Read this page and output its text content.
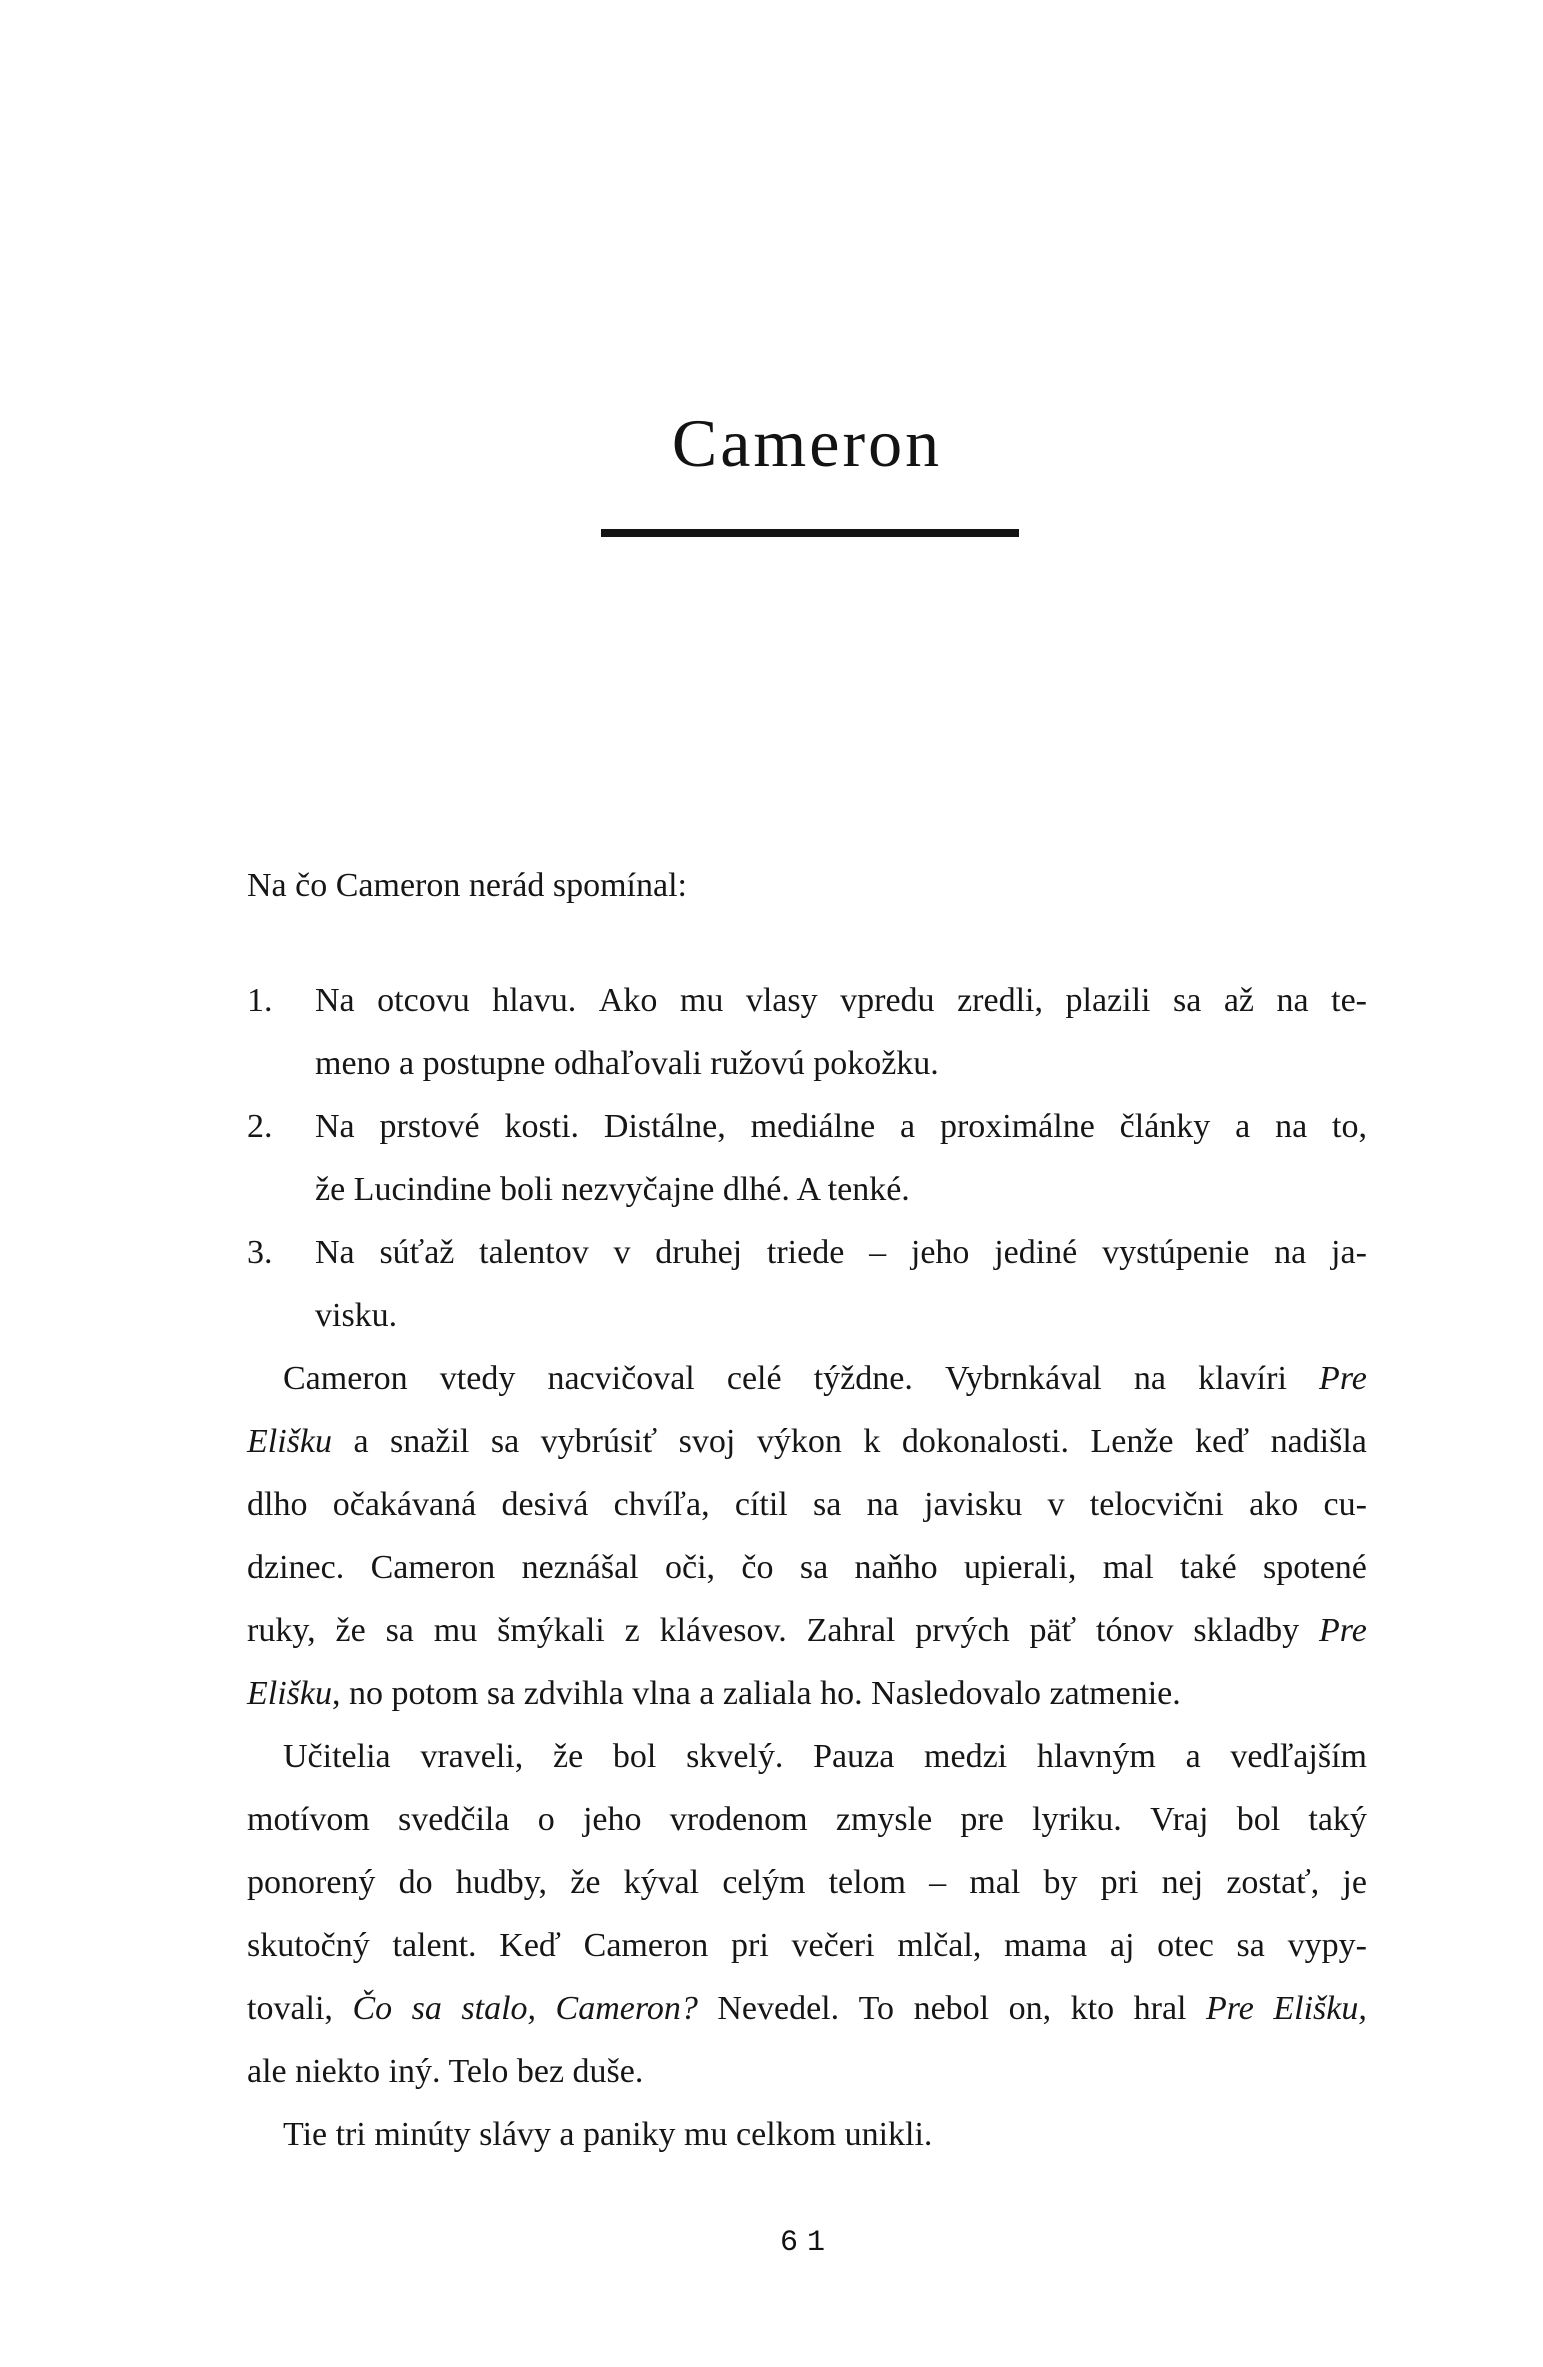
Cameron
Na čo Cameron nerád spomínal:
1. Na otcovu hlavu. Ako mu vlasy vpredu zredli, plazili sa až na te-
meno a postupne odhaľovali ružovú pokožku.
2. Na prstové kosti. Distálne, mediálne a proximálne články a na to,
že Lucindine boli nezvyčajne dlhé. A tenké.
3. Na súťaž talentov v druhej triede – jeho jediné vystúpenie na ja-
visku.
Cameron vtedy nacvičoval celé týždne. Vybrnkával na klavíri Pre
Elišku a snažil sa vybrúsiť svoj výkon k dokonalosti. Lenže keď nadišla
dlho očakávaná desivá chvíľa, cítil sa na javisku v telocvični ako cu-
dzinec. Cameron neznášal oči, čo sa naňho upierali, mal také spotené
ruky, že sa mu šmýkali z klávesov. Zahral prvých päť tónov skladby Pre
Elišku, no potom sa zdvihla vlna a zaliala ho. Nasledovalo zatmenie.
Učitelia vraveli, že bol skvelý. Pauza medzi hlavným a vedľajším
motívom svedčila o jeho vrodenom zmysle pre lyriku. Vraj bol taký
ponorený do hudby, že kýval celým telom – mal by pri nej zostať, je
skutočný talent. Keď Cameron pri večeri mlčal, mama aj otec sa vypy-
tovali, Čo sa stalo, Cameron? Nevedel. To nebol on, kto hral Pre Elišku,
ale niekto iný. Telo bez duše.
Tie tri minúty slávy a paniky mu celkom unikli.
61
